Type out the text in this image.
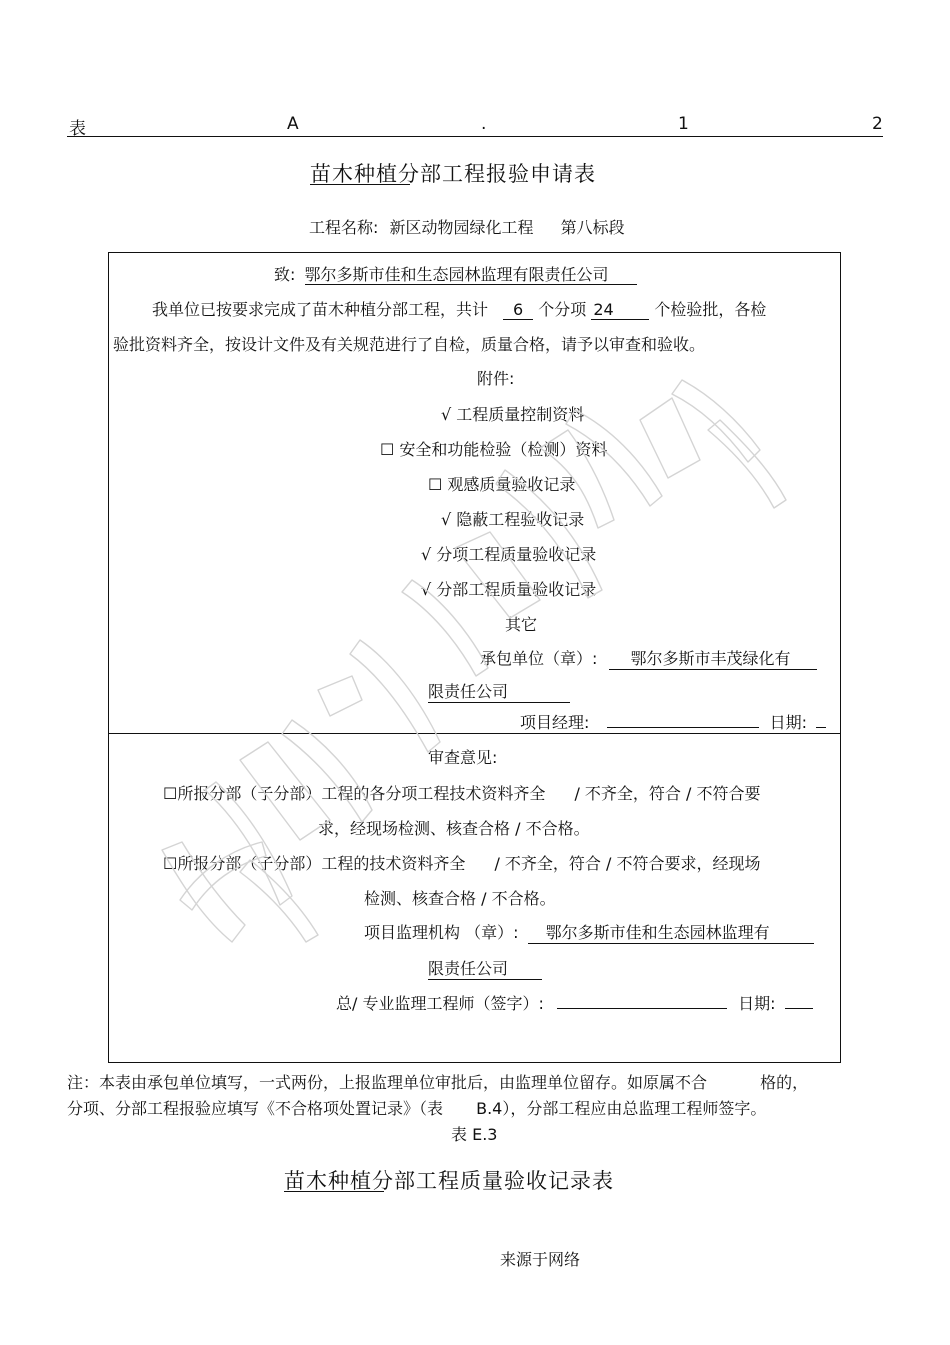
表	A	.	1	2
苗木种植分部工程报验申请表
工程名称: 新区动物园绿化工程 第八标段
致: 鄂尔多斯市佳和生态园林监理有限责任公司
我单位已按要求完成了苗木种植分部工程，共计 6 个分项 24	个检验批，各检
验批资料齐全，按设计文件及有关规范进行了自检，质量合格，请予以审查和验收。
附件:
√ 工程质量控制资料
☐ 安全和功能检验（检测）资料
☐ 观感质量验收记录
√ 隐蔽工程验收记录
√ 分项工程质量验收记录
√ 分部工程质量验收记录
其它
承包单位（章）: 鄂尔多斯市丰茂绿化有
限责任公司
项目经理:	日期:
审查意见:
☐所报分部（子分部）工程的各分项工程技术资料齐全 / 不齐全，符合 / 不符合要
求，经现场检测、核查合格 / 不合格。
☐所报分部（子分部）工程的技术资料齐全 / 不齐全，符合 / 不符合要求，经现场
检测、核查合格 / 不合格。
项目监理机构 （章）: 鄂尔多斯市佳和生态园林监理有
限责任公司
总/ 专业监理工程师（签字）:	日期:
注：本表由承包单位填写，一式两份，上报监理单位审批后，由监理单位留存。如原属不合	格的，
分项、分部工程报验应填写《不合格项处置记录》（表 B.4），分部工程应由总监理工程师签字。
表 E.3
苗木种植分部工程质量验收记录表
来源于网络
